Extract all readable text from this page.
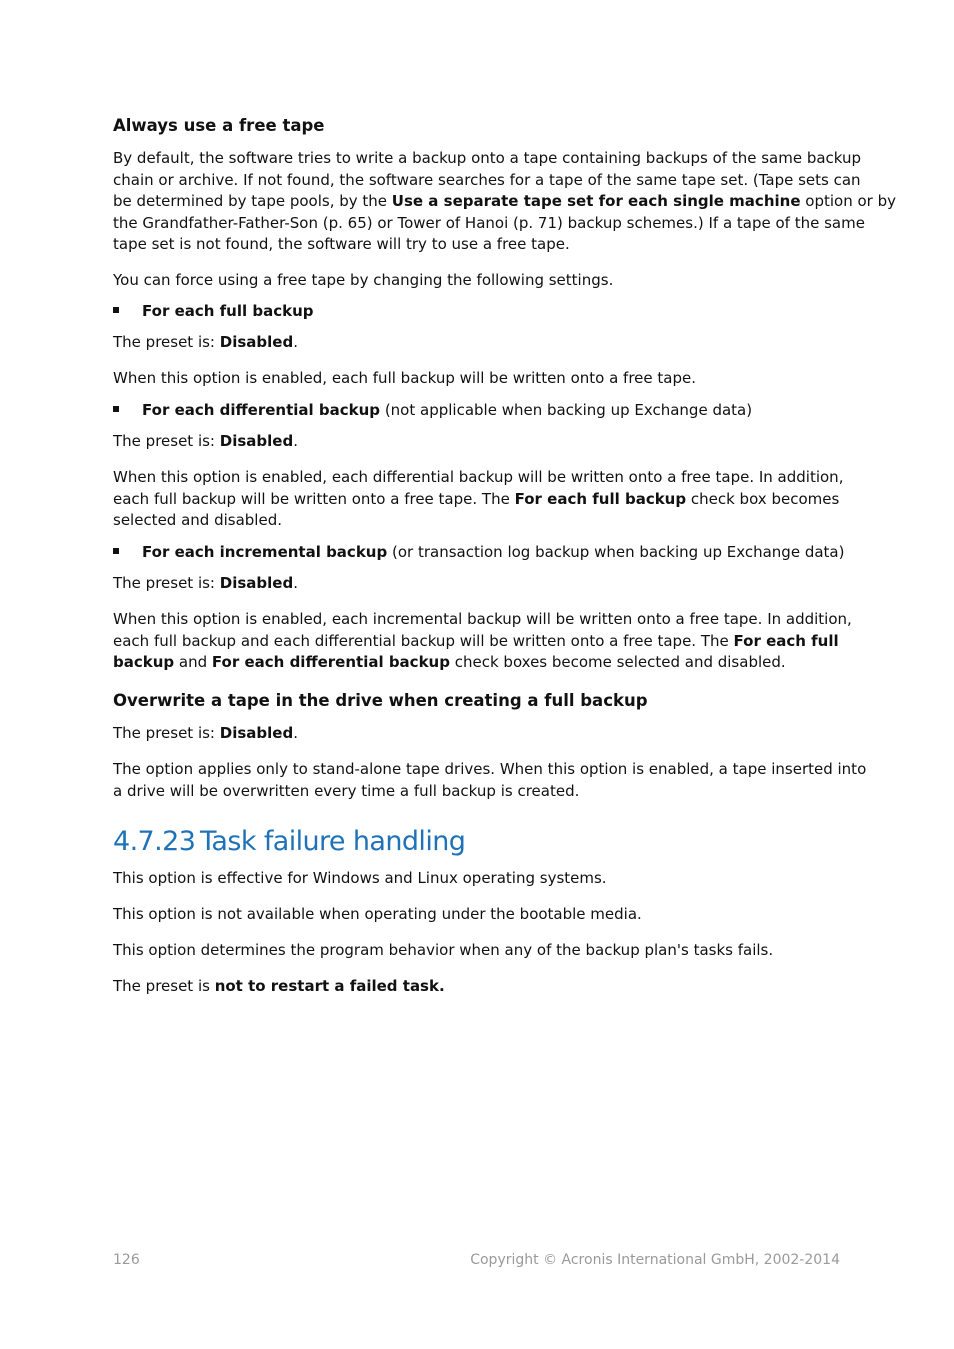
Always use a free tape
By default, the software tries to write a backup onto a tape containing backups of the same backup
chain or archive. If not found, the software searches for a tape of the same tape set. (Tape sets can
be determined by tape pools, by the Use a separate tape set for each single machine option or by
the Grandfather-Father-Son (p. 65) or Tower of Hanoi (p. 71) backup schemes.) If a tape of the same
tape set is not found, the software will try to use a free tape.
You can force using a free tape by changing the following settings.
For each full backup
The preset is: Disabled.
When this option is enabled, each full backup will be written onto a free tape.
For each differential backup (not applicable when backing up Exchange data)
The preset is: Disabled.
When this option is enabled, each differential backup will be written onto a free tape. In addition,
each full backup will be written onto a free tape. The For each full backup check box becomes
selected and disabled.
For each incremental backup (or transaction log backup when backing up Exchange data)
The preset is: Disabled.
When this option is enabled, each incremental backup will be written onto a free tape. In addition,
each full backup and each differential backup will be written onto a free tape. The For each full
backup and For each differential backup check boxes become selected and disabled.
Overwrite a tape in the drive when creating a full backup
The preset is: Disabled.
The option applies only to stand-alone tape drives. When this option is enabled, a tape inserted into
a drive will be overwritten every time a full backup is created.
4.7.23 Task failure handling
This option is effective for Windows and Linux operating systems.
This option is not available when operating under the bootable media.
This option determines the program behavior when any of the backup plan's tasks fails.
The preset is not to restart a failed task.
126	Copyright © Acronis International GmbH, 2002-2014
